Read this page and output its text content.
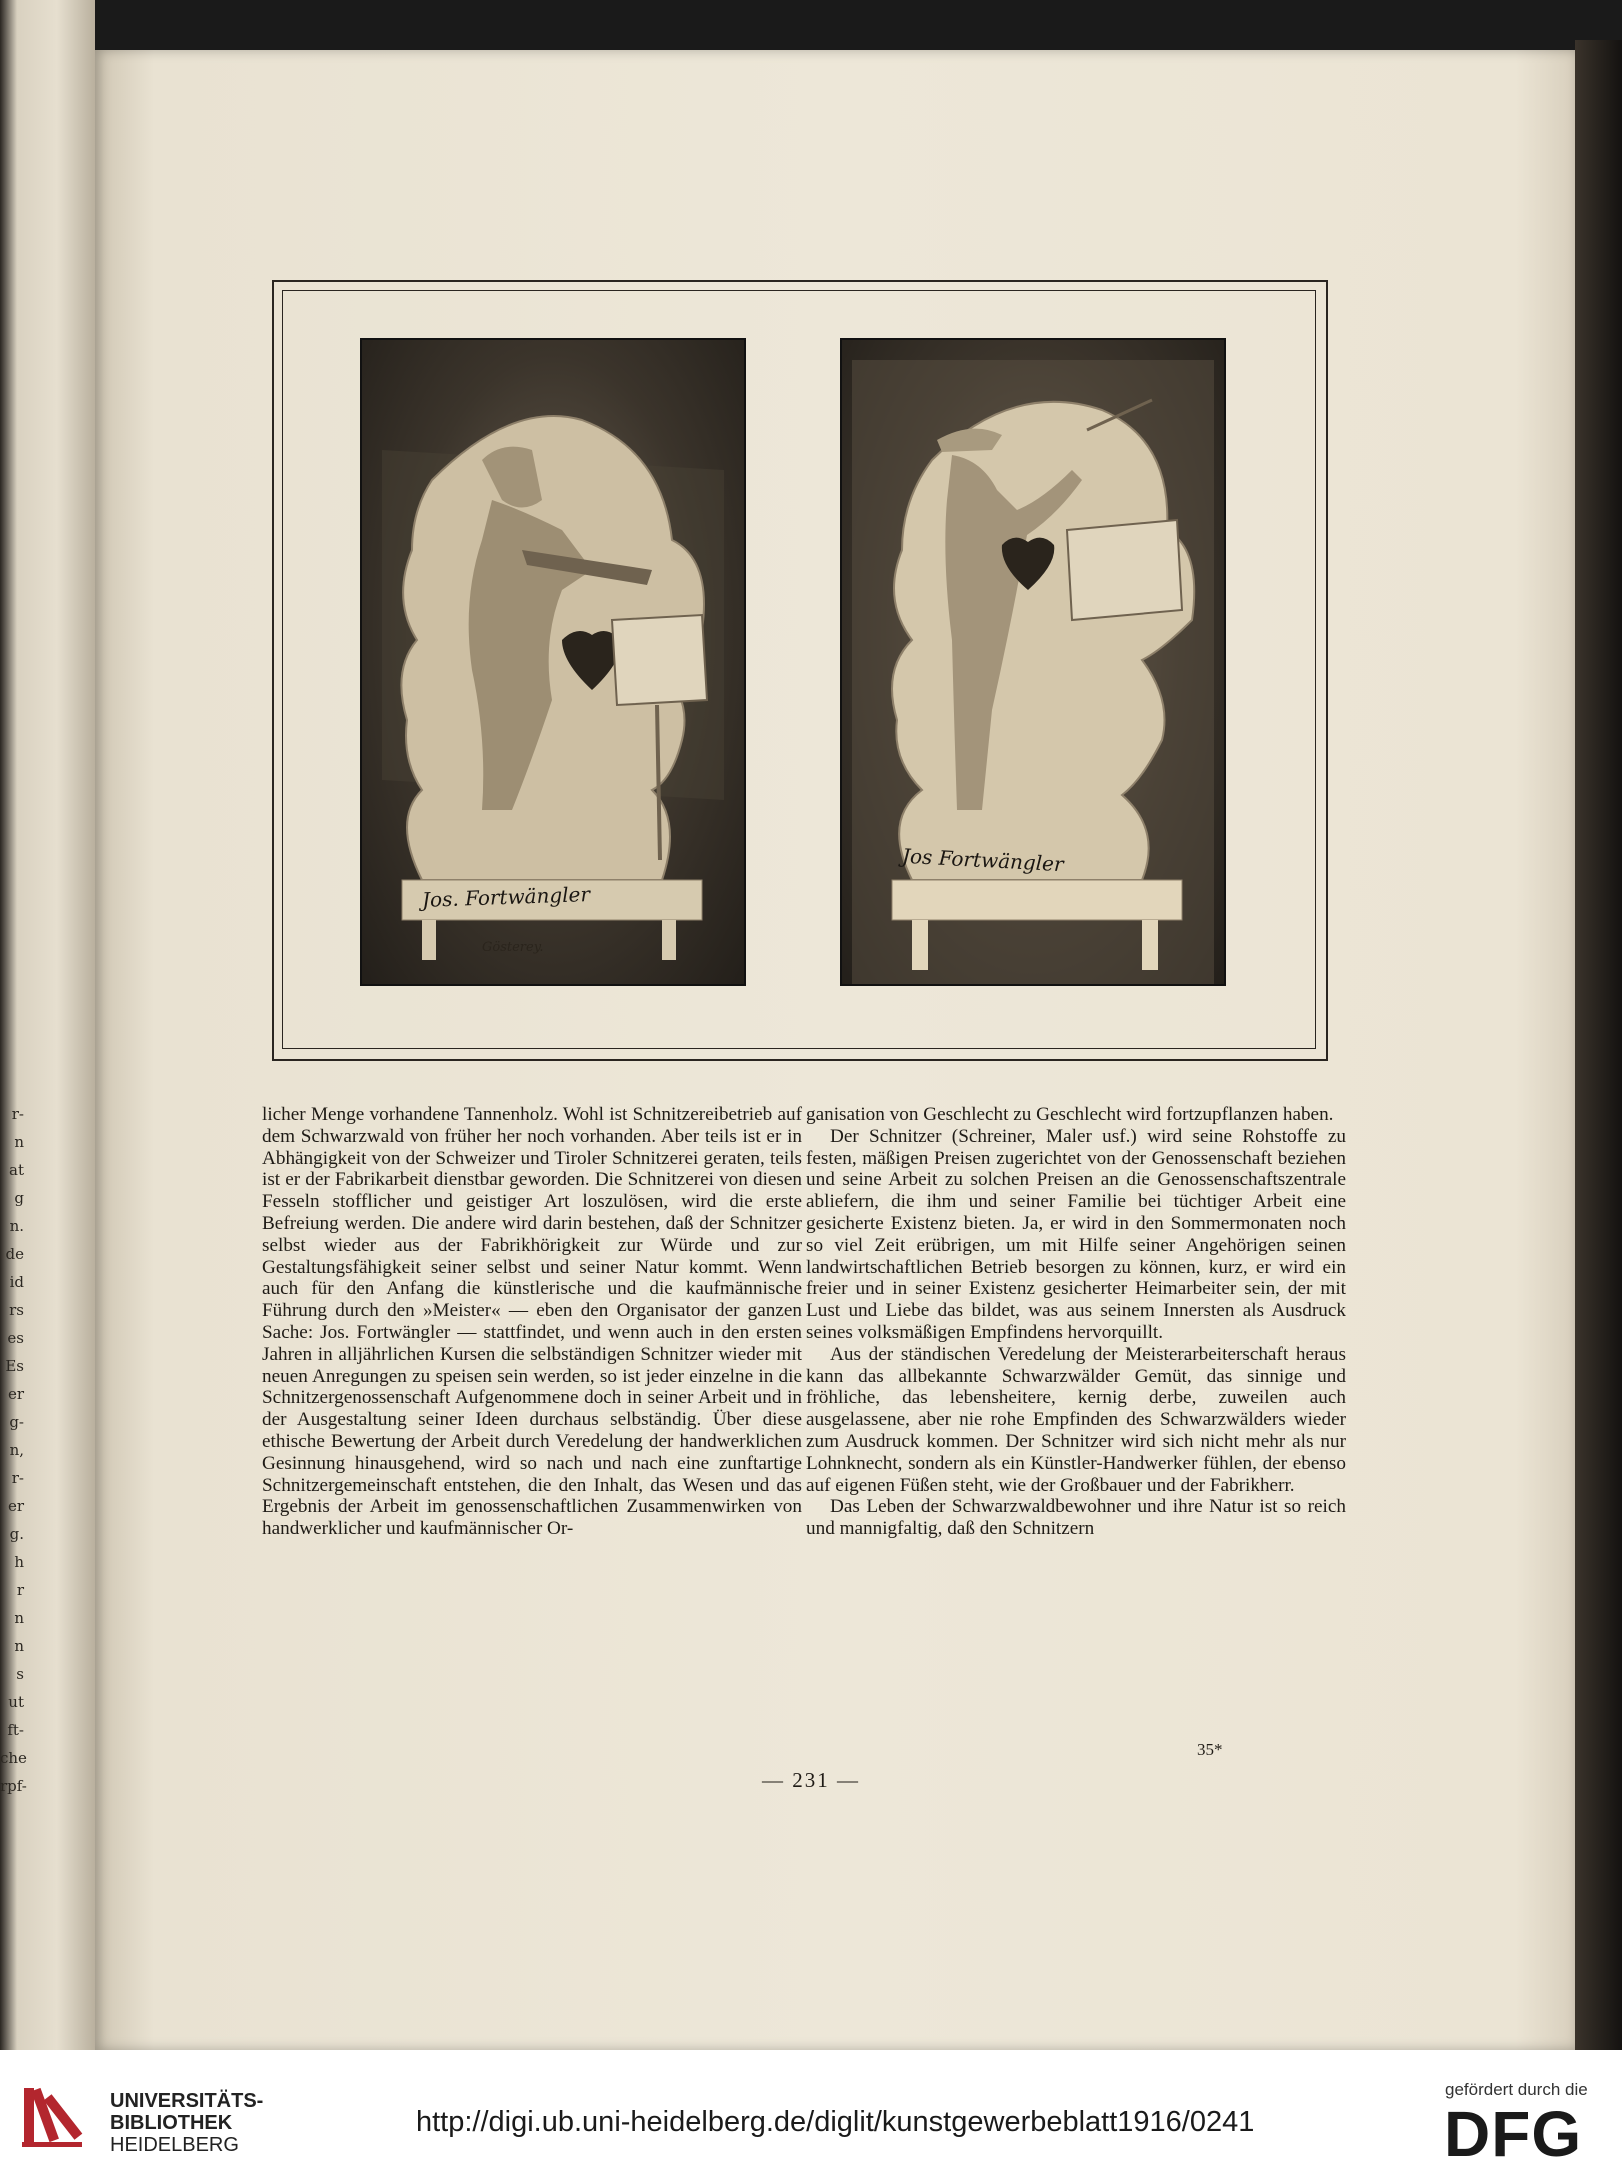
r-
n
at
g
n.
de
id
rs
es
Es
er
g-
n,
r-
er
g.
h
r
n
n
s
ut
ft-
che
rpf-
Jos. Fortwängler
Gösterey.
Jos Fortwängler

licher Menge vorhandene Tannenholz. Wohl ist Schnitzereibetrieb auf dem Schwarzwald von früher her noch vorhanden. Aber teils ist er in Abhängigkeit von der Schweizer und Tiroler Schnitzerei geraten, teils ist er der Fabrikarbeit dienstbar geworden. Die Schnitzerei von diesen Fesseln stofflicher und geistiger Art loszulösen, wird die erste Befreiung werden. Die andere wird darin bestehen, daß der Schnitzer selbst wieder aus der Fabrikhörigkeit zur Würde und zur Gestaltungsfähigkeit seiner selbst und seiner Natur kommt. Wenn auch für den Anfang die künstlerische und die kaufmännische Führung durch den »Meister« — eben den Organisator der ganzen Sache: Jos. Fortwängler — stattfindet, und wenn auch in den ersten Jahren in alljährlichen Kursen die selbständigen Schnitzer wieder mit neuen Anregungen zu speisen sein werden, so ist jeder einzelne in die Schnitzergenossenschaft Aufgenommene doch in seiner Arbeit und in der Ausgestaltung seiner Ideen durchaus selbständig. Über diese ethische Bewertung der Arbeit durch Veredelung der handwerklichen Gesinnung hinausgehend, wird so nach und nach eine zunftartige Schnitzergemeinschaft entstehen, die den Inhalt, das Wesen und das Ergebnis der Arbeit im genossenschaftlichen Zusammenwirken von handwerklicher und kaufmännischer Or-

ganisation von Geschlecht zu Geschlecht wird fortzupflanzen haben.

Der Schnitzer (Schreiner, Maler usf.) wird seine Rohstoffe zu festen, mäßigen Preisen zugerichtet von der Genossenschaft beziehen und seine Arbeit zu solchen Preisen an die Genossenschaftszentrale abliefern, die ihm und seiner Familie bei tüchtiger Arbeit eine gesicherte Existenz bieten. Ja, er wird in den Sommermonaten noch so viel Zeit erübrigen, um mit Hilfe seiner Angehörigen seinen landwirtschaftlichen Betrieb besorgen zu können, kurz, er wird ein freier und in seiner Existenz gesicherter Heimarbeiter sein, der mit Lust und Liebe das bildet, was aus seinem Innersten als Ausdruck seines volksmäßigen Empfindens hervorquillt.

Aus der ständischen Veredelung der Meisterarbeiterschaft heraus kann das allbekannte Schwarzwälder Gemüt, das sinnige und fröhliche, das lebensheitere, kernig derbe, zuweilen auch ausgelassene, aber nie rohe Empfinden des Schwarzwälders wieder zum Ausdruck kommen. Der Schnitzer wird sich nicht mehr als nur Lohnknecht, sondern als ein Künstler-Handwerker fühlen, der ebenso auf eigenen Füßen steht, wie der Großbauer und der Fabrikherr.

Das Leben der Schwarzwaldbewohner und ihre Natur ist so reich und mannigfaltig, daß den Schnitzern

35*
— 231 —
UNIVERSITÄTS-
BIBLIOTHEK
HEIDELBERG
http://digi.ub.uni-heidelberg.de/diglit/kunstgewerbeblatt1916/0241
gefördert durch die
DFG
